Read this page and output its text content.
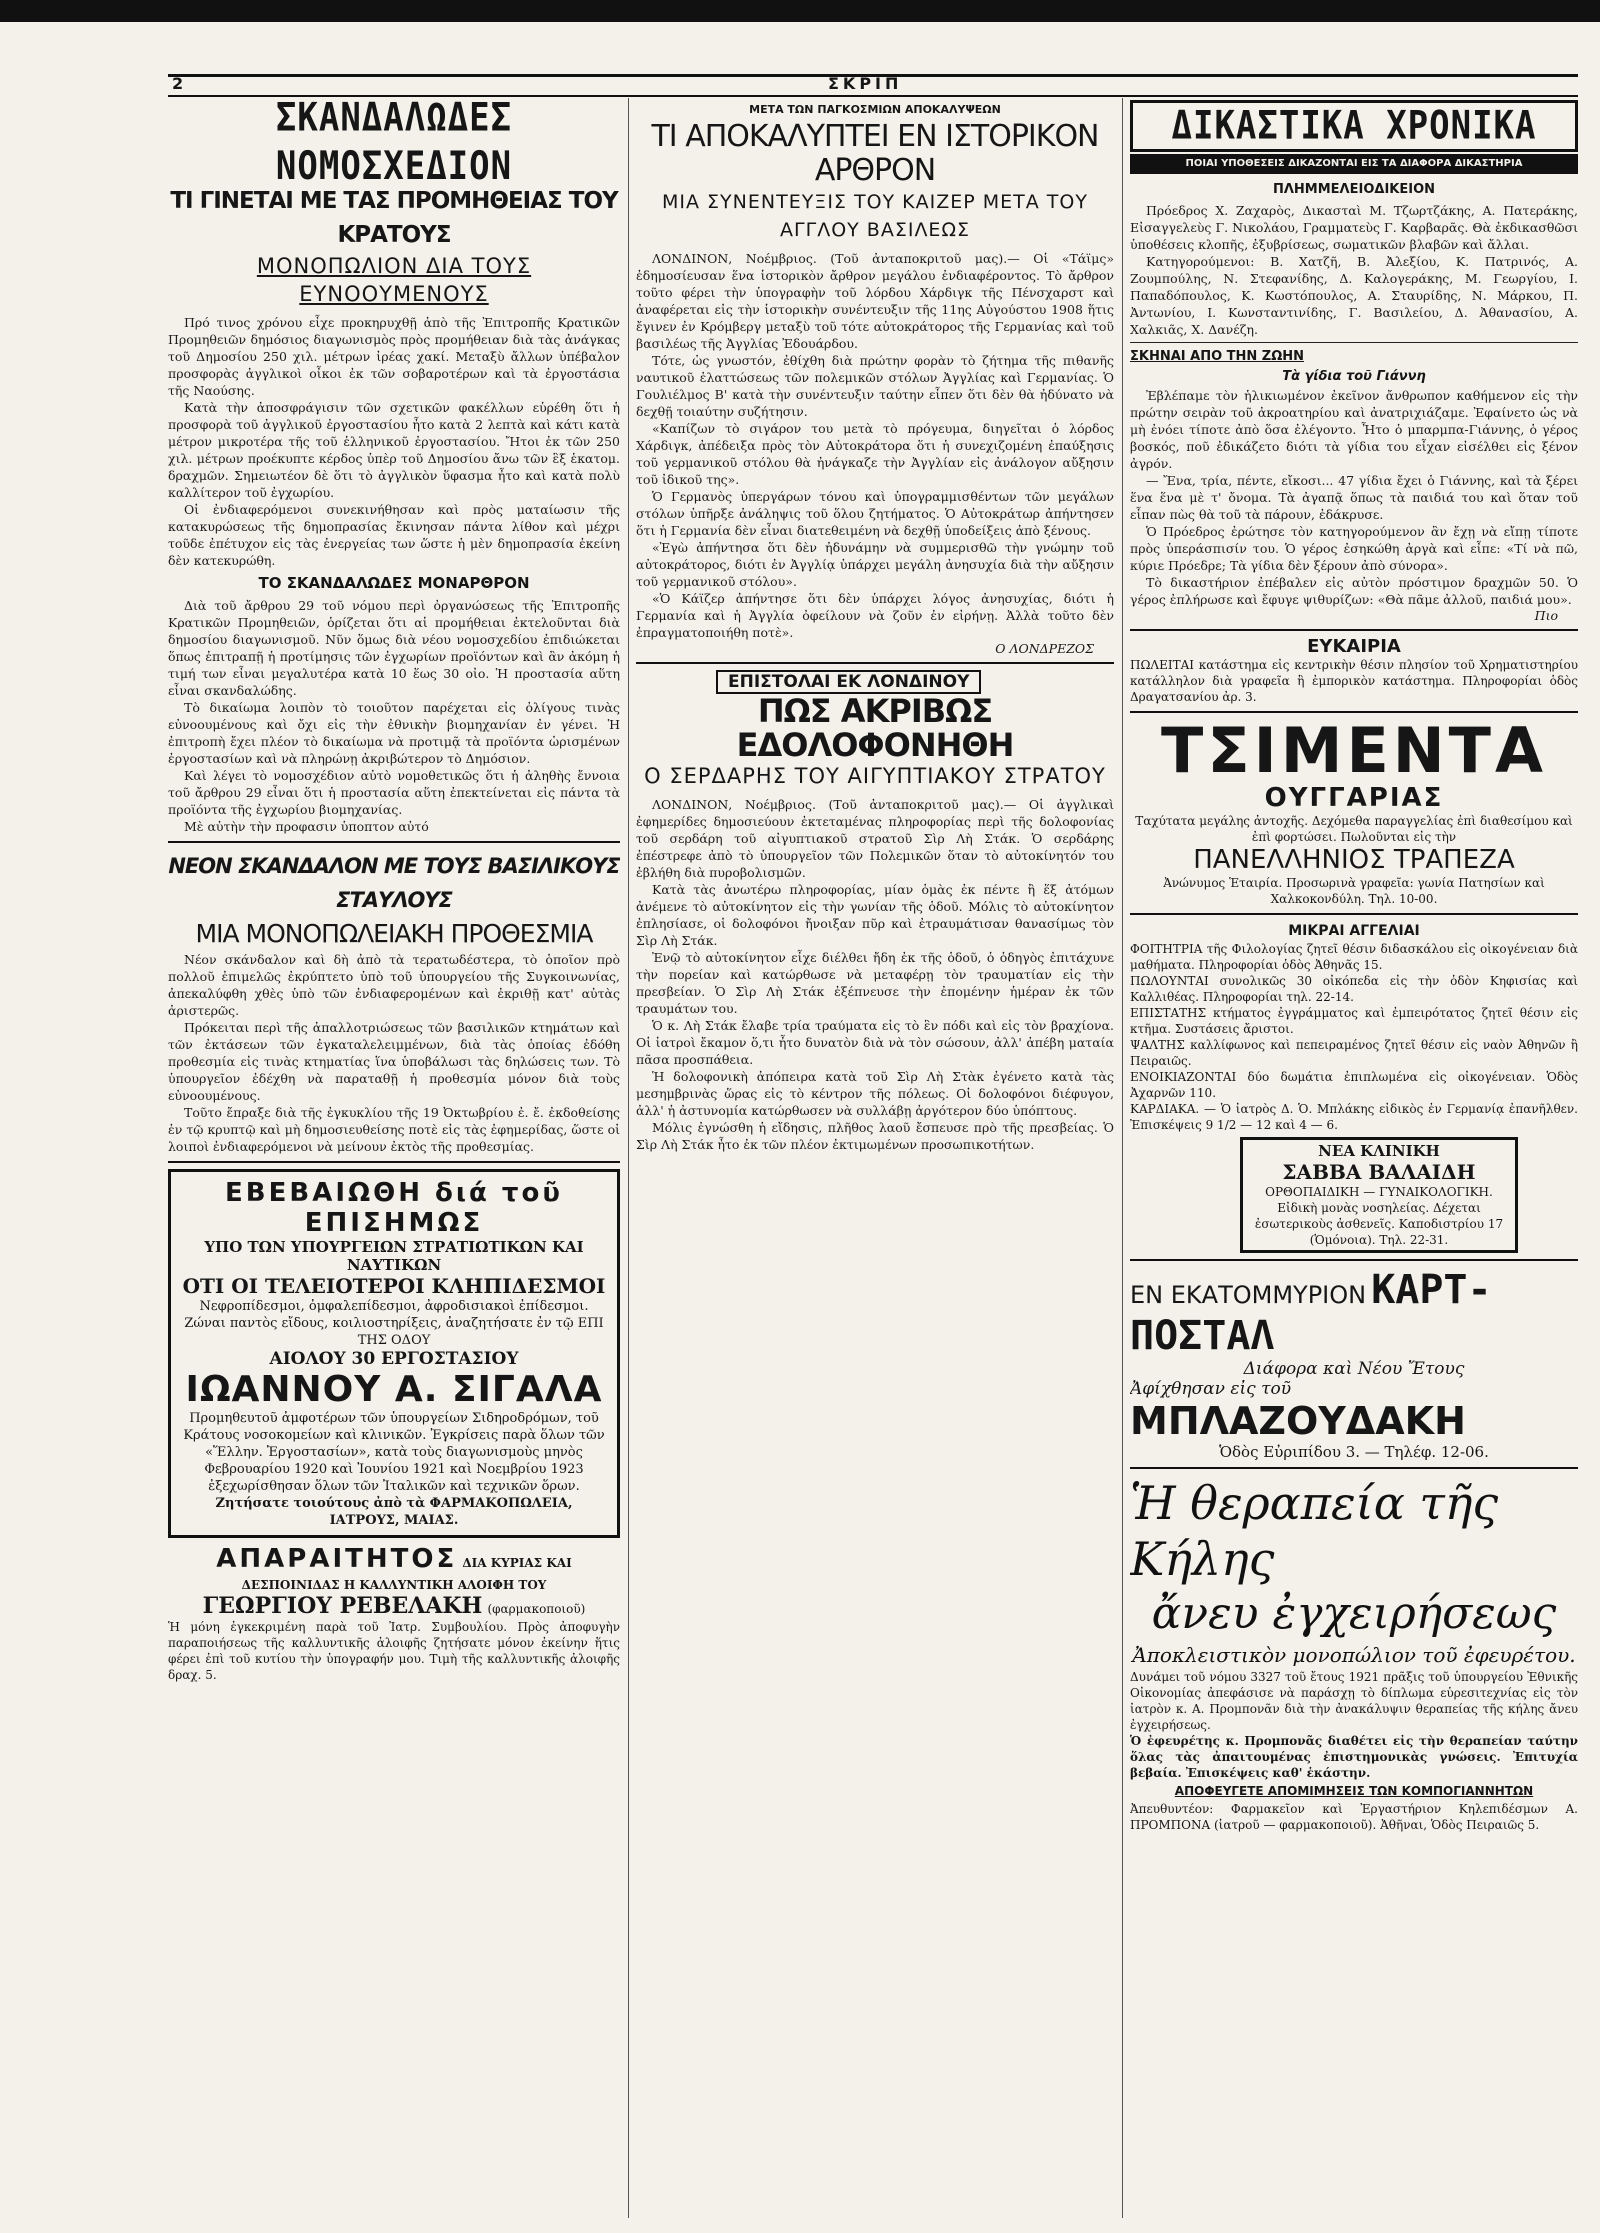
2	ΣΚΡΙΠ
ΣΚΑΝΔΑΛΩΔΕΣ ΝΟΜΟΣΧΕΔΙΟΝ
ΤΙ ΓΙΝΕΤΑΙ ΜΕ ΤΑΣ ΠΡΟΜΗΘΕΙΑΣ ΤΟΥ ΚΡΑΤΟΥΣ
ΜΟΝΟΠΩΛΙΟΝ ΔΙΑ ΤΟΥΣ ΕΥΝΟΟΥΜΕΝΟΥΣ

Πρό τινος χρόνου εἶχε προκηρυχθῇ ἀπὸ τῆς Ἐπιτροπῆς Κρατικῶν Προμηθειῶν δημόσιος διαγωνισμὸς πρὸς προμήθειαν διὰ τὰς ἀνάγκας τοῦ Δημοσίου 250 χιλ. μέτρων ἰρέας χακί. Μεταξὺ ἄλλων ὑπέβαλον προσφορὰς ἀγγλικοὶ οἶκοι ἐκ τῶν σοβαροτέρων καὶ τὰ ἐργοστάσια τῆς Ναούσης.

Κατὰ τὴν ἀποσφράγισιν τῶν σχετικῶν φακέλλων εὑρέθη ὅτι ἡ προσφορὰ τοῦ ἀγγλικοῦ ἐργοστασίου ἦτο κατὰ 2 λεπτὰ καὶ κάτι κατὰ μέτρον μικροτέρα τῆς τοῦ ἑλληνικοῦ ἐργοστασίου. Ἤτοι ἐκ τῶν 250 χιλ. μέτρων προέκυπτε κέρδος ὑπὲρ τοῦ Δημοσίου ἄνω τῶν ἓξ ἑκατομ. δραχμῶν. Σημειωτέον δὲ ὅτι τὸ ἀγγλικὸν ὕφασμα ἦτο καὶ κατὰ πολὺ καλλίτερον τοῦ ἐγχωρίου.

Οἱ ἐνδιαφερόμενοι συνεκινήθησαν καὶ πρὸς ματαίωσιν τῆς κατακυρώσεως τῆς δημοπρασίας ἔκινησαν πάντα λίθον καὶ μέχρι τοῦδε ἐπέτυχον εἰς τὰς ἐνεργείας των ὥστε ἡ μὲν δημοπρασία ἐκείνη δὲν κατεκυρώθη.

ΤΟ ΣΚΑΝΔΑΛΩΔΕΣ ΜΟΝΑΡΘΡΟΝ

Διὰ τοῦ ἄρθρου 29 τοῦ νόμου περὶ ὀργανώσεως τῆς Ἐπιτροπῆς Κρατικῶν Προμηθειῶν, ὁρίζεται ὅτι αἱ προμήθειαι ἐκτελοῦνται διὰ δημοσίου διαγωνισμοῦ. Νῦν ὅμως διὰ νέου νομοσχεδίου ἐπιδιώκεται ὅπως ἐπιτραπῇ ἡ προτίμησις τῶν ἐγχωρίων προϊόντων καὶ ἂν ἀκόμη ἡ τιμή των εἶναι μεγαλυτέρα κατὰ 10 ἕως 30 οἰο. Ἡ προστασία αὕτη εἶναι σκανδαλώδης.

Τὸ δικαίωμα λοιπὸν τὸ τοιοῦτον παρέχεται εἰς ὀλίγους τινὰς εὐνοουμένους καὶ ὄχι εἰς τὴν ἐθνικὴν βιομηχανίαν ἐν γένει. Ἡ ἐπιτροπὴ ἔχει πλέον τὸ δικαίωμα νὰ προτιμᾷ τὰ προϊόντα ὡρισμένων ἐργοστασίων καὶ νὰ πληρώνῃ ἀκριβώτερον τὸ Δημόσιον.

Καὶ λέγει τὸ νομοσχέδιον αὐτὸ νομοθετικῶς ὅτι ἡ ἀληθὴς ἔννοια τοῦ ἄρθρου 29 εἶναι ὅτι ἡ προστασία αὕτη ἐπεκτείνεται εἰς πάντα τὰ προϊόντα τῆς ἐγχωρίου βιομηχανίας.

Μὲ αὐτὴν τὴν προφασιν ὑποπτον αὐτό

ΝΕΟΝ ΣΚΑΝΔΑΛΟΝ ΜΕ ΤΟΥΣ ΒΑΣΙΛΙΚΟΥΣ ΣΤΑΥΛΟΥΣ
ΜΙΑ ΜΟΝΟΠΩΛΕΙΑΚΗ ΠΡΟΘΕΣΜΙΑ

Νέον σκάνδαλον καὶ δὴ ἀπὸ τὰ τερατωδέστερα, τὸ ὁποῖον πρὸ πολλοῦ ἐπιμελῶς ἐκρύπτετο ὑπὸ τοῦ ὑπουργείου τῆς Συγκοινωνίας, ἀπεκαλύφθη χθὲς ὑπὸ τῶν ἐνδιαφερομένων καὶ ἐκριθῇ κατ' αὐτὰς ἀριστερῶς.

Πρόκειται περὶ τῆς ἀπαλλοτριώσεως τῶν βασιλικῶν κτημάτων καὶ τῶν ἐκτάσεων τῶν ἐγκαταλελειμμένων, διὰ τὰς ὁποίας ἐδόθη προθεσμία εἰς τινὰς κτηματίας ἵνα ὑποβάλωσι τὰς δηλώσεις των. Τὸ ὑπουργεῖον ἐδέχθη νὰ παραταθῇ ἡ προθεσμία μόνον διὰ τοὺς εὐνοουμένους.

Τοῦτο ἔπραξε διὰ τῆς ἐγκυκλίου τῆς 19 Ὀκτωβρίου ἐ. ἔ. ἐκδοθείσης ἐν τῷ κρυπτῷ καὶ μὴ δημοσιευθείσης ποτὲ εἰς τὰς ἐφημερίδας, ὥστε οἱ λοιποὶ ἐνδιαφερόμενοι νὰ μείνουν ἐκτὸς τῆς προθεσμίας.

ΕΒΕΒΑΙΩΘΗ διά τοῦ ΕΠΙΣΗΜΩΣ
ΥΠΟ ΤΩΝ ΥΠΟΥΡΓΕΙΩΝ ΣΤΡΑΤΙΩΤΙΚΩΝ ΚΑΙ ΝΑΥΤΙΚΩΝ
ΟΤΙ ΟΙ ΤΕΛΕΙΟΤΕΡΟΙ ΚΛΗΠΙΔΕΣΜΟΙ
Νεφροπίδεσμοι, ὀμφαλεπίδεσμοι, ἀφροδισιακοὶ ἐπίδεσμοι. Ζώναι παντὸς εἴδους, κοιλιοστηρίξεις, ἀναζητήσατε ἐν τῷ ΕΠΙ ΤΗΣ ΟΔΟΥ
ΑΙΟΛΟΥ 30 ΕΡΓΟΣΤΑΣΙΟΥ
ΙΩΑΝΝΟΥ Α. ΣΙΓΑΛΑ
Προμηθευτοῦ ἀμφοτέρων τῶν ὑπουργείων Σιδηροδρόμων, τοῦ Κράτους νοσοκομείων καὶ κλινικῶν. Ἐγκρίσεις παρὰ ὅλων τῶν «Ἕλλην. Ἐργοστασίων», κατὰ τοὺς διαγωνισμοὺς μηνὸς Φεβρουαρίου 1920 καὶ Ἰουνίου 1921 καὶ Νοεμβρίου 1923 ἐξεχωρίσθησαν ὅλων τῶν Ἰταλικῶν καὶ τεχνικῶν ὅρων.
Ζητήσατε τοιούτους ἀπὸ τὰ ΦΑΡΜΑΚΟΠΩΛΕΙΑ, ΙΑΤΡΟΥΣ, ΜΑΙΑΣ.
ΑΠΑΡΑΙΤΗΤΟΣ ΔΙΑ ΚΥΡΙΑΣ ΚΑΙ ΔΕΣΠΟΙΝΙΔΑΣ Η ΚΑΛΛΥΝΤΙΚΗ ΑΛΟΙΦΗ ΤΟΥ
ΓΕΩΡΓΙΟΥ ΡΕΒΕΛΑΚΗ (φαρμακοποιοῦ)

Ἡ μόνη ἐγκεκριμένη παρὰ τοῦ Ἰατρ. Συμβουλίου. Πρὸς ἀποφυγὴν παραποιήσεως τῆς καλλυντικῆς ἀλοιφῆς ζητήσατε μόνον ἐκείνην ἥτις φέρει ἐπὶ τοῦ κυτίου τὴν ὑπογραφήν μου. Τιμὴ τῆς καλλυντικῆς ἀλοιφῆς δραχ. 5.

ΜΕΤΑ ΤΩΝ ΠΑΓΚΟΣΜΙΩΝ ΑΠΟΚΑΛΥΨΕΩΝ
ΤΙ ΑΠΟΚΑΛΥΠΤΕΙ ΕΝ ΙΣΤΟΡΙΚΟΝ ΑΡΘΡΟΝ
ΜΙΑ ΣΥΝΕΝΤΕΥΞΙΣ ΤΟΥ ΚΑΙΖΕΡ ΜΕΤΑ ΤΟΥ ΑΓΓΛΟΥ ΒΑΣΙΛΕΩΣ

ΛΟΝΔΙΝΟΝ, Νοέμβριος. (Τοῦ ἀνταποκριτοῦ μας).— Οἱ «Τάϊμς» ἐδημοσίευσαν ἕνα ἱστορικὸν ἄρθρον μεγάλου ἐνδιαφέροντος. Τὸ ἄρθρον τοῦτο φέρει τὴν ὑπογραφὴν τοῦ λόρδου Χάρδιγκ τῆς Πένσχαρστ καὶ ἀναφέρεται εἰς τὴν ἱστορικὴν συνέντευξιν τῆς 11ης Αὐγούστου 1908 ἥτις ἔγινεν ἐν Κρόμβεργ μεταξὺ τοῦ τότε αὐτοκράτορος τῆς Γερμανίας καὶ τοῦ βασιλέως τῆς Ἀγγλίας Ἐδουάρδου.

Τότε, ὡς γνωστόν, ἐθίχθη διὰ πρώτην φορὰν τὸ ζήτημα τῆς πιθανῆς ναυτικοῦ ἐλαττώσεως τῶν πολεμικῶν στόλων Ἀγγλίας καὶ Γερμανίας. Ὁ Γουλιέλμος Β' κατὰ τὴν συνέντευξιν ταύτην εἶπεν ὅτι δὲν θὰ ἠδύνατο νὰ δεχθῇ τοιαύτην συζήτησιν.

«Καπίζων τὸ σιγάρον του μετὰ τὸ πρόγευμα, διηγεῖται ὁ λόρδος Χάρδιγκ, ἀπέδειξα πρὸς τὸν Αὐτοκράτορα ὅτι ἡ συνεχιζομένη ἐπαύξησις τοῦ γερμανικοῦ στόλου θὰ ἠνάγκαζε τὴν Ἀγγλίαν εἰς ἀνάλογον αὔξησιν τοῦ ἰδικοῦ της».

Ὁ Γερμανὸς ὑπεργάρων τόνου καὶ ὑπογραμμισθέντων τῶν μεγάλων στόλων ὑπῆρξε ἀνάληψις τοῦ ὅλου ζητήματος. Ὁ Αὐτοκράτωρ ἀπήντησεν ὅτι ἡ Γερμανία δὲν εἶναι διατεθειμένη νὰ δεχθῇ ὑποδείξεις ἀπὸ ξένους.

«Ἐγὼ ἀπήντησα ὅτι δὲν ἠδυνάμην νὰ συμμερισθῶ τὴν γνώμην τοῦ αὐτοκράτορος, διότι ἐν Ἀγγλίᾳ ὑπάρχει μεγάλη ἀνησυχία διὰ τὴν αὔξησιν τοῦ γερμανικοῦ στόλου».

«Ὁ Κάϊζερ ἀπήντησε ὅτι δὲν ὑπάρχει λόγος ἀνησυχίας, διότι ἡ Γερμανία καὶ ἡ Ἀγγλία ὀφείλουν νὰ ζοῦν ἐν εἰρήνῃ. Ἀλλὰ τοῦτο δὲν ἐπραγματοποιήθη ποτὲ».

Ο ΛΟΝΔΡΕΖΟΣ

ΕΠΙΣΤΟΛΑΙ ΕΚ ΛΟΝΔΙΝΟΥ
ΠΩΣ ΑΚΡΙΒΩΣ ΕΔΟΛΟΦΟΝΗΘΗ
Ο ΣΕΡΔΑΡΗΣ ΤΟΥ ΑΙΓΥΠΤΙΑΚΟΥ ΣΤΡΑΤΟΥ

ΛΟΝΔΙΝΟΝ, Νοέμβριος. (Τοῦ ἀνταποκριτοῦ μας).— Οἱ ἀγγλικαὶ ἐφημερίδες δημοσιεύουν ἐκτεταμένας πληροφορίας περὶ τῆς δολοφονίας τοῦ σερδάρη τοῦ αἰγυπτιακοῦ στρατοῦ Σὶρ Λὴ Στάκ. Ὁ σερδάρης ἐπέστρεφε ἀπὸ τὸ ὑπουργεῖον τῶν Πολεμικῶν ὅταν τὸ αὐτοκίνητόν του ἐβλήθη διὰ πυροβολισμῶν.

Κατὰ τὰς ἀνωτέρω πληροφορίας, μίαν ὁμὰς ἐκ πέντε ἢ ἕξ ἀτόμων ἀνέμενε τὸ αὐτοκίνητον εἰς τὴν γωνίαν τῆς ὁδοῦ. Μόλις τὸ αὐτοκίνητον ἐπλησίασε, οἱ δολοφόνοι ἤνοιξαν πῦρ καὶ ἐτραυμάτισαν θανασίμως τὸν Σὶρ Λὴ Στάκ.

Ἐνῷ τὸ αὐτοκίνητον εἶχε διέλθει ἤδη ἐκ τῆς ὁδοῦ, ὁ ὁδηγὸς ἐπιτάχυνε τὴν πορείαν καὶ κατώρθωσε νὰ μεταφέρῃ τὸν τραυματίαν εἰς τὴν πρεσβείαν. Ὁ Σὶρ Λὴ Στάκ ἐξέπνευσε τὴν ἐπομένην ἡμέραν ἐκ τῶν τραυμάτων του.

Ὁ κ. Λὴ Στάκ ἔλαβε τρία τραύματα εἰς τὸ ἓν πόδι καὶ εἰς τὸν βραχίονα. Οἱ ἰατροὶ ἔκαμον ὅ,τι ἦτο δυνατὸν διὰ νὰ τὸν σώσουν, ἀλλ' ἀπέβη ματαία πᾶσα προσπάθεια.

Ἡ δολοφονικὴ ἀπόπειρα κατὰ τοῦ Σὶρ Λὴ Στὰκ ἐγένετο κατὰ τὰς μεσημβρινὰς ὥρας εἰς τὸ κέντρον τῆς πόλεως. Οἱ δολοφόνοι διέφυγον, ἀλλ' ἡ ἀστυνομία κατώρθωσεν νὰ συλλάβῃ ἀργότερον δύο ὑπόπτους.

Μόλις ἐγνώσθη ἡ εἴδησις, πλῆθος λαοῦ ἔσπευσε πρὸ τῆς πρεσβείας. Ὁ Σὶρ Λὴ Στάκ ἦτο ἐκ τῶν πλέον ἐκτιμωμένων προσωπικοτήτων.

ΔΙΚΑΣΤΙΚΑ ΧΡΟΝΙΚΑ
ΠΟΙΑΙ ΥΠΟΘΕΣΕΙΣ ΔΙΚΑΖΟΝΤΑΙ ΕΙΣ ΤΑ ΔΙΑΦΟΡΑ ΔΙΚΑΣΤΗΡΙΑ

ΠΛΗΜΜΕΛΕΙΟΔΙΚΕΙΟΝ

Πρόεδρος Χ. Ζαχαρὸς, Δικασταὶ Μ. Τζωρτζάκης, Α. Πατεράκης, Εἰσαγγελεὺς Γ. Νικολάου, Γραμματεὺς Γ. Καρβαρᾶς. Θὰ ἐκδικασθῶσι ὑποθέσεις κλοπῆς, ἐξυβρίσεως, σωματικῶν βλαβῶν καὶ ἄλλαι.

Κατηγορούμενοι: Β. Χατζῆ, Β. Ἀλεξίου, Κ. Πατρινός, Α. Ζουμπούλης, Ν. Στεφανίδης, Δ. Καλογεράκης, Μ. Γεωργίου, Ι. Παπαδόπουλος, Κ. Κωστόπουλος, Α. Σταυρίδης, Ν. Μάρκου, Π. Ἀντωνίου, Ι. Κωνσταντινίδης, Γ. Βασιλείου, Δ. Ἀθανασίου, Α. Χαλκιᾶς, Χ. Δανέζη.

ΣΚΗΝΑΙ ΑΠΟ ΤΗΝ ΖΩΗΝ

Τὰ γίδια τοῦ Γιάννη

Ἐβλέπαμε τὸν ἡλικιωμένον ἐκεῖνον ἄνθρωπον καθήμενον εἰς τὴν πρώτην σειρὰν τοῦ ἀκροατηρίου καὶ ἀνατριχιάζαμε. Ἐφαίνετο ὡς νὰ μὴ ἐνόει τίποτε ἀπὸ ὅσα ἐλέγοντο. Ἦτο ὁ μπαρμπα-Γιάννης, ὁ γέρος βοσκός, ποῦ ἐδικάζετο διότι τὰ γίδια του εἶχαν εἰσέλθει εἰς ξένον ἀγρόν.

— Ἔνα, τρία, πέντε, εἴκοσι... 47 γίδια ἔχει ὁ Γιάννης, καὶ τὰ ξέρει ἕνα ἕνα μὲ τ' ὄνομα. Τὰ ἀγαπᾷ ὅπως τὰ παιδιά του καὶ ὅταν τοῦ εἶπαν πὼς θὰ τοῦ τὰ πάρουν, ἐδάκρυσε.

Ὁ Πρόεδρος ἐρώτησε τὸν κατηγορούμενον ἂν ἔχῃ νὰ εἴπῃ τίποτε πρὸς ὑπεράσπισίν του. Ὁ γέρος ἐσηκώθη ἀργὰ καὶ εἶπε: «Τί νὰ πῶ, κύριε Πρόεδρε; Τὰ γίδια δὲν ξέρουν ἀπὸ σύνορα».

Τὸ δικαστήριον ἐπέβαλεν εἰς αὐτὸν πρόστιμον δραχμῶν 50. Ὁ γέρος ἐπλήρωσε καὶ ἔφυγε ψιθυρίζων: «Θὰ πᾶμε ἀλλοῦ, παιδιά μου».

Πιο

ΕΥΚΑΙΡΙΑ

ΠΩΛΕΙΤΑΙ κατάστημα εἰς κεντρικὴν θέσιν πλησίον τοῦ Χρηματιστηρίου κατάλληλον διὰ γραφεῖα ἢ ἐμπορικὸν κατάστημα. Πληροφορίαι ὁδὸς Δραγατσανίου ἀρ. 3.

ΤΣΙΜΕΝΤΑ
ΟΥΓΓΑΡΙΑΣ

Ταχύτατα μεγάλης ἀντοχῆς. Δεχόμεθα παραγγελίας ἐπὶ διαθεσίμου καὶ ἐπὶ φορτώσει. Πωλοῦνται εἰς τὴν

ΠΑΝΕΛΛΗΝΙΟΣ ΤΡΑΠΕΖΑ

Ἀνώνυμος Ἑταιρία. Προσωρινὰ γραφεῖα: γωνία Πατησίων καὶ Χαλκοκονδύλη. Τηλ. 10-00.

ΜΙΚΡΑΙ ΑΓΓΕΛΙΑΙ

ΦΟΙΤΗΤΡΙΑ τῆς Φιλολογίας ζητεῖ θέσιν διδασκάλου εἰς οἰκογένειαν διὰ μαθήματα. Πληροφορίαι ὁδὸς Ἀθηνᾶς 15.

ΠΩΛΟΥΝΤΑΙ συνολικῶς 30 οἰκόπεδα εἰς τὴν ὁδὸν Κηφισίας καὶ Καλλιθέας. Πληροφορίαι τηλ. 22-14.

ΕΠΙΣΤΑΤΗΣ κτήματος ἐγγράμματος καὶ ἐμπειρότατος ζητεῖ θέσιν εἰς κτῆμα. Συστάσεις ἄριστοι.

ΨΑΛΤΗΣ καλλίφωνος καὶ πεπειραμένος ζητεῖ θέσιν εἰς ναὸν Ἀθηνῶν ἢ Πειραιῶς.

ΕΝΟΙΚΙΑΖΟΝΤΑΙ δύο δωμάτια ἐπιπλωμένα εἰς οἰκογένειαν. Ὁδὸς Ἀχαρνῶν 110.

ΚΑΡΔΙΑΚΑ. — Ὁ ἰατρὸς Δ. Ὁ. Μπλάκης εἰδικὸς ἐν Γερμανίᾳ ἐπανῆλθεν. Ἐπισκέψεις 9 1/2 — 12 καὶ 4 — 6.

ΝΕΑ ΚΛΙΝΙΚΗ
ΣΑΒΒΑ ΒΑΛΑΙΔΗ
ΟΡΘΟΠΑΙΔΙΚΗ — ΓΥΝΑΙΚΟΛΟΓΙΚΗ. Εἰδικὴ μονὰς νοσηλείας. Δέχεται ἐσωτερικοὺς ἀσθενεῖς. Καποδιστρίου 17 (Ὁμόνοια). Τηλ. 22-31.
ΕΝ ΕΚΑΤΟΜΜΥΡΙΟΝ ΚΑΡΤ-ΠΟΣΤΑΛ
Διάφορα καὶ Νέου Ἔτους
Ἀφίχθησαν εἰς τοῦ ΜΠΛΑΖΟΥΔΑΚΗ
Ὁδὸς Εὐριπίδου 3. — Τηλέφ. 12-06.
Ἡ θεραπεία τῆς Κήλης
ἄνευ ἐγχειρήσεως
Ἀποκλειστικὸν μονοπώλιον τοῦ ἐφευρέτου.

Δυνάμει τοῦ νόμου 3327 τοῦ ἔτους 1921 πρᾶξις τοῦ ὑπουργείου Ἐθνικῆς Οἰκονομίας ἀπεφάσισε νὰ παράσχῃ τὸ δίπλωμα εὑρεσιτεχνίας εἰς τὸν ἰατρὸν κ. Α. Προμπονᾶν διὰ τὴν ἀνακάλυψιν θεραπείας τῆς κήλης ἄνευ ἐγχειρήσεως.

Ὁ ἐφευρέτης κ. Προμπονᾶς διαθέτει εἰς τὴν θεραπείαν ταύτην ὅλας τὰς ἀπαιτουμένας ἐπιστημονικὰς γνώσεις. Ἐπιτυχία βεβαία. Ἐπισκέψεις καθ' ἑκάστην.

ΑΠΟΦΕΥΓΕΤΕ ΑΠΟΜΙΜΗΣΕΙΣ ΤΩΝ ΚΟΜΠΟΓΙΑΝΝΗΤΩΝ

Ἀπευθυντέον: Φαρμακεῖον καὶ Ἐργαστήριον Κηλεπιδέσμων Α. ΠΡΟΜΠΟΝΑ (ἰατροῦ — φαρμακοποιοῦ). Ἀθῆναι, Ὁδὸς Πειραιῶς 5.
